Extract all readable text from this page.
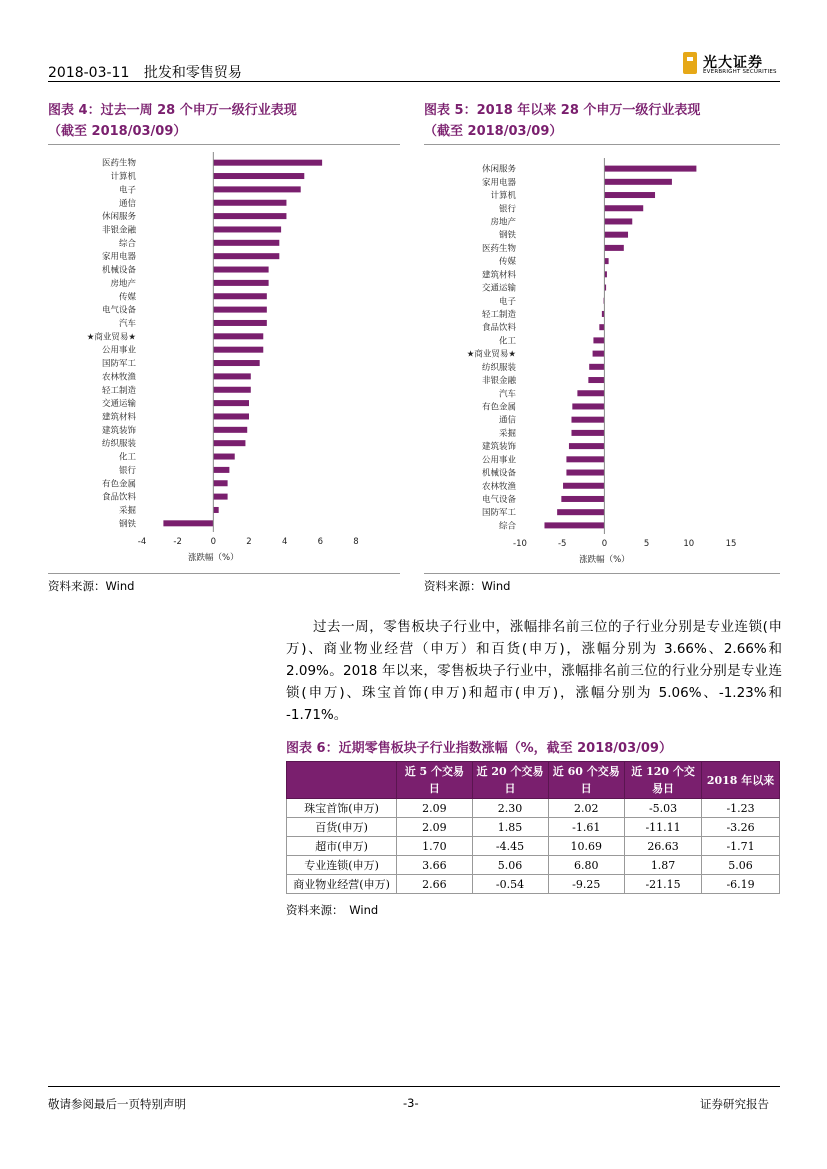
2018-03-11 批发和零售贸易
光大证券
EVERBRIGHT SECURITIES
图表 4：过去一周 28 个申万一级行业表现
（截至 2018/03/09）
图表 5：2018 年以来 28 个申万一级行业表现
（截至 2018/03/09）
医药生物
计算机
电子
通信
休闲服务
非银金融
综合
家用电器
机械设备
房地产
传媒
电气设备
汽车
★商业贸易★
公用事业
国防军工
农林牧渔
轻工制造
交通运输
建筑材料
建筑装饰
纺织服装
化工
银行
有色金属
食品饮料
采掘
钢铁
-4	-2	0	2	4	6	8
涨跌幅（%）
休闲服务
家用电器
计算机
银行
房地产
钢铁
医药生物
传媒
建筑材料
交通运输
电子
轻工制造
食品饮料
化工
★商业贸易★
纺织服装
非银金融
汽车
有色金属
通信
采掘
建筑装饰
公用事业
机械设备
农林牧渔
电气设备
国防军工
综合
-10	-5	0	5	10	15
涨跌幅（%）
资料来源：Wind	资料来源：Wind
过去一周，零售板块子行业中，涨幅排名前三位的子行业分别是专业连锁(申万)、商业物业经营（申万）和百货(申万)，涨幅分别为 3.66%、2.66%和 2.09%。2018 年以来，零售板块子行业中，涨幅排名前三位的行业分别是专业连锁(申万)、珠宝首饰(申万)和超市(申万)，涨幅分别为 5.06%、-1.23%和 -1.71%。
图表 6：近期零售板块子行业指数涨幅（%，截至 2018/03/09）
	近 5 个交易日	近 20 个交易日	近 60 个交易日	近 120 个交易日	2018 年以来
珠宝首饰(申万)	2.09	2.30	2.02	-5.03	-1.23
百货(申万)	2.09	1.85	-1.61	-11.11	-3.26
超市(申万)	1.70	-4.45	10.69	26.63	-1.71
专业连锁(申万)	3.66	5.06	6.80	1.87	5.06
商业物业经营(申万)	2.66	-0.54	-9.25	-21.15	-6.19
资料来源：　Wind
敬请参阅最后一页特别声明	-3-	证券研究报告
